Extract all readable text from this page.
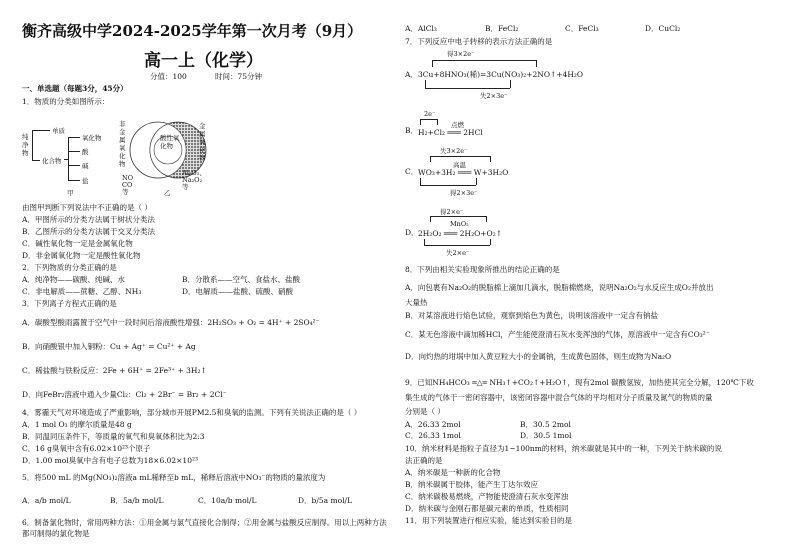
衡齐高级中学2024-2025学年第一次月考（9月）
高一上（化学）
分值：100	时间：75分钟
一、单选题（每题3分，45分）
1．物质的分类如图所示：
纯净物
单质
化合物
氧化物
酸
碱
盐
甲
非金属氧化物
酸性氧化物
金属氧化物
NO CO等
Al₂O₃、Na₂O₂等
乙
由图甲判断下列说法中不正确的是（ ）
A．甲图所示的分类方法属于树状分类法
B．乙图所示的分类方法属于交叉分类法
C．碱性氧化物一定是金属氧化物
D．非金属氧化物一定是酸性氧化物
2．下列物质的分类正确的是
A．纯净物——碳酸、纯碱、水	B．分散系——空气、食盐水、盐酸
C．非电解质——蔗糖、乙醇、NH₃	D．电解质——盐酸、硫酸、硝酸
3．下列离子方程式正确的是
A．碳酸型酸雨露置于空气中一段时间后溶液酸性增强：2H₂SO₃ + O₂ = 4H⁺ + 2SO₄²⁻
B．向硝酸银中加入铜粉：Cu + Ag⁺ = Cu²⁺ + Ag
C．稀盐酸与铁粉反应：2Fe + 6H⁺ = 2Fe³⁺ + 3H₂↑
D．向FeBr₂溶液中通入少量Cl₂：Cl₂ + 2Br⁻ = Br₂ + 2Cl⁻
4．雾霾天气对环境造成了严重影响，部分城市开展PM2.5和臭氧的监测。下列有关说法正确的是（ ）
A．1 mol O₃ 的摩尔质量是48 g
B．同温同压条件下，等质量的氧气和臭氧体积比为2:3
C．16 g臭氧中含有6.02×10²³个原子
D．1.00 mol臭氧中含有电子总数为18×6.02×10²³
5．将500 mL 的Mg(NO₃)₂溶液a mL稀释至b mL，稀释后溶液中NO₃⁻的物质的量浓度为
A．a/b mol/L	B．5a/b mol/L	C．10a/b mol/L	D．b/5a mol/L
6．制备氯化物时，常用两种方法：①用金属与氯气直接化合制得；②用金属与盐酸反应制得。用以上两种方法都可制得的氯化物是
A．AlCl₃	B．FeCl₂	C．FeCl₃	D．CuCl₂
7．下列反应中电子转移的表示方法正确的是
得3×2e⁻
A． 3Cu+8HNO₃(稀)=3Cu(NO₃)₂+2NO↑+4H₂O
失2×3e⁻
2e⁻
点燃
B． H₂+Cl₂ ═══ 2HCl
失3×2e⁻
高温
C． WO₃+3H₂ ═══ W+3H₂O
得2×3e⁻
得2×e⁻
MnO₂
D． 2H₂O₂ ═══ 2H₂O+O₂↑
失2×e⁻
8．下列由相关实验现象所推出的结论正确的是
A．向包裹有Na₂O₂的脱脂棉上滴加几滴水，脱脂棉燃烧，说明Na₂O₂与水反应生成O₂并放出
大量热
B．对某溶液进行焰色试验，观察到焰色为黄色，说明该溶液中一定含有钠盐
C．某无色溶液中滴加稀HCl，产生能使澄清石灰水变浑浊的气体，原溶液中一定含有CO₃²⁻
D．向灼热的坩埚中加入黄豆粒大小的金属钠，生成黄色固体，则生成物为Na₂O
9．已知NH₄HCO₃ ═△═ NH₃↑+CO₂↑+H₂O↑，现有2mol 碳酸氢铵，加热使其完全分解，120℃下收
集生成的气体于一密闭容器中，该密闭容器中混合气体的平均相对分子质量及氮气的物质的量
分别是（ ）
A．26.33 2mol	B．30.5 2mol
C．26.33 1mol	D．30.5 1mol
10．纳米材料是指粒子直径为1~100nm的材料，纳米碳就是其中的一种，下列关于纳米碳的说
法正确的是
A．纳米碳是一种新的化合物
B．纳米碳属于胶体，能产生丁达尔效应
C．纳米碳极易燃烧，产物能使澄清石灰水变浑浊
D．纳米碳与金刚石都是碳元素的单质，性质相同
11．用下列装置进行相应实验，能达到实验目的是
